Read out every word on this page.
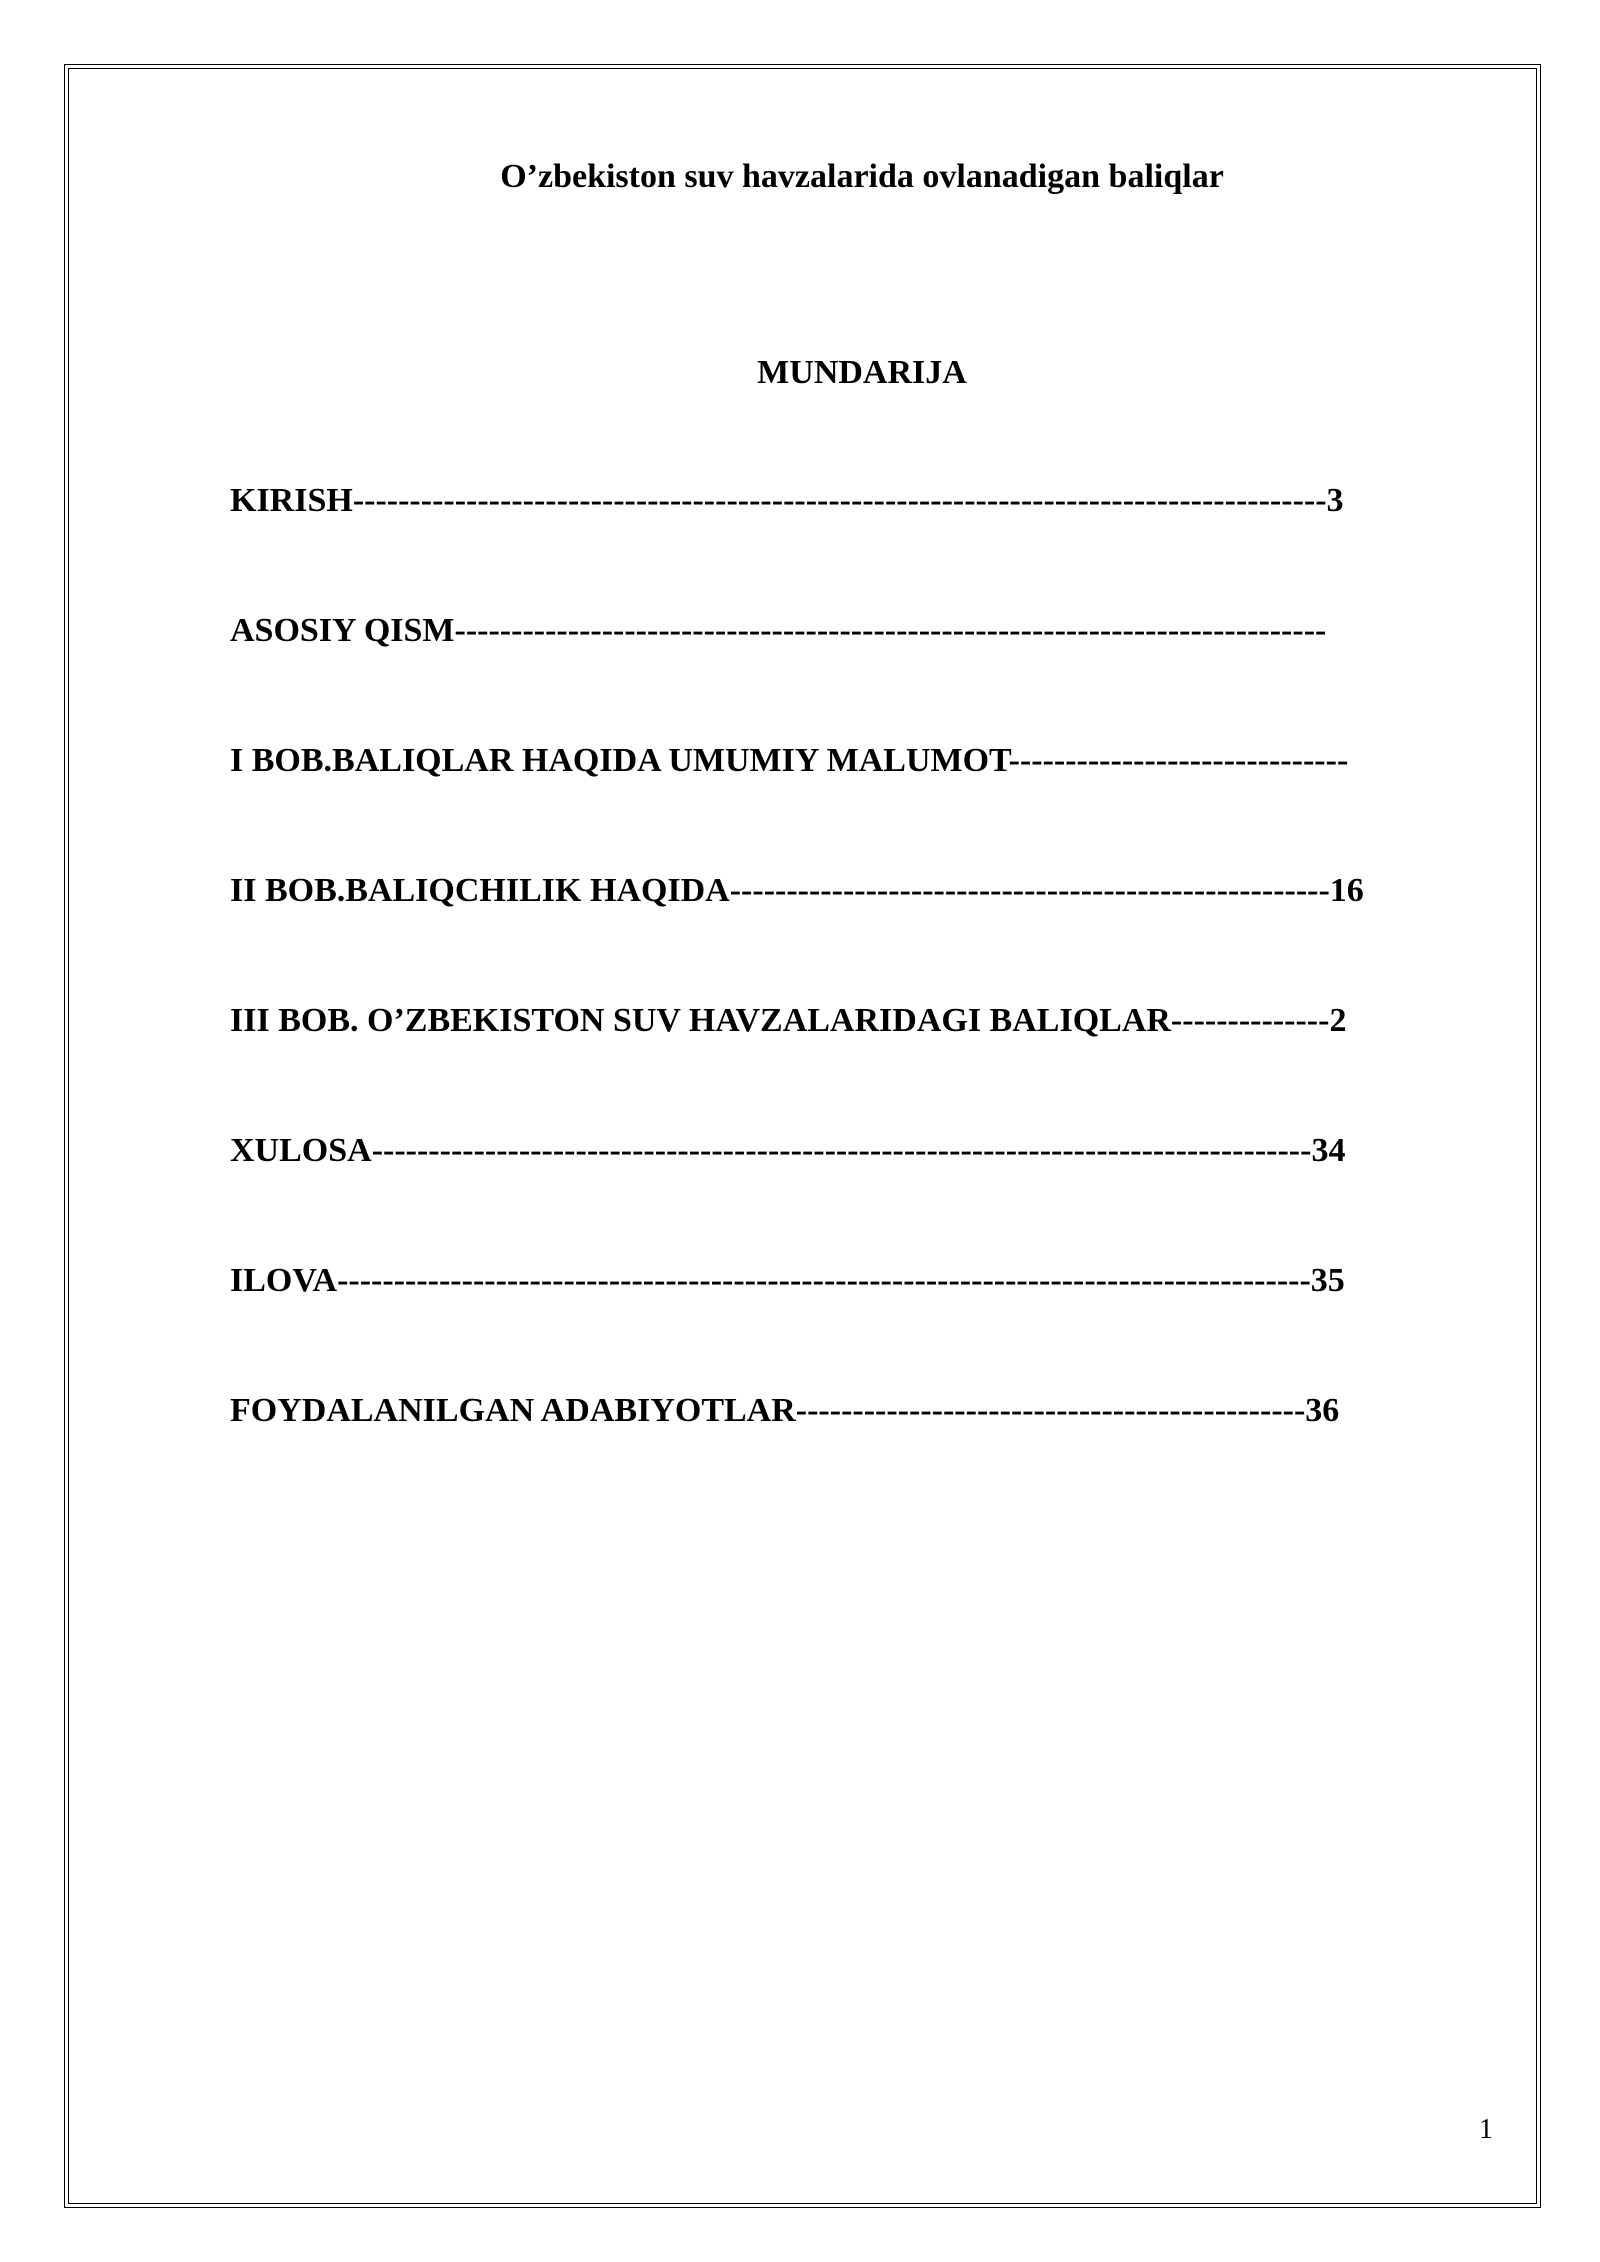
O’zbekiston suv havzalarida ovlanadigan baliqlar
MUNDARIJA
KIRISH--------------------------------------------------------------------------------------3
ASOSIY QISM-----------------------------------------------------------------------------
I BOB.BALIQLAR HAQIDA UMUMIY MALUMOT------------------------------
II BOB.BALIQCHILIK HAQIDA-----------------------------------------------------16
III BOB. O’ZBEKISTON SUV HAVZALARIDAGI BALIQLAR--------------2
XULOSA-----------------------------------------------------------------------------------34
ILOVA--------------------------------------------------------------------------------------35
FOYDALANILGAN ADABIYOTLAR---------------------------------------------36
1
